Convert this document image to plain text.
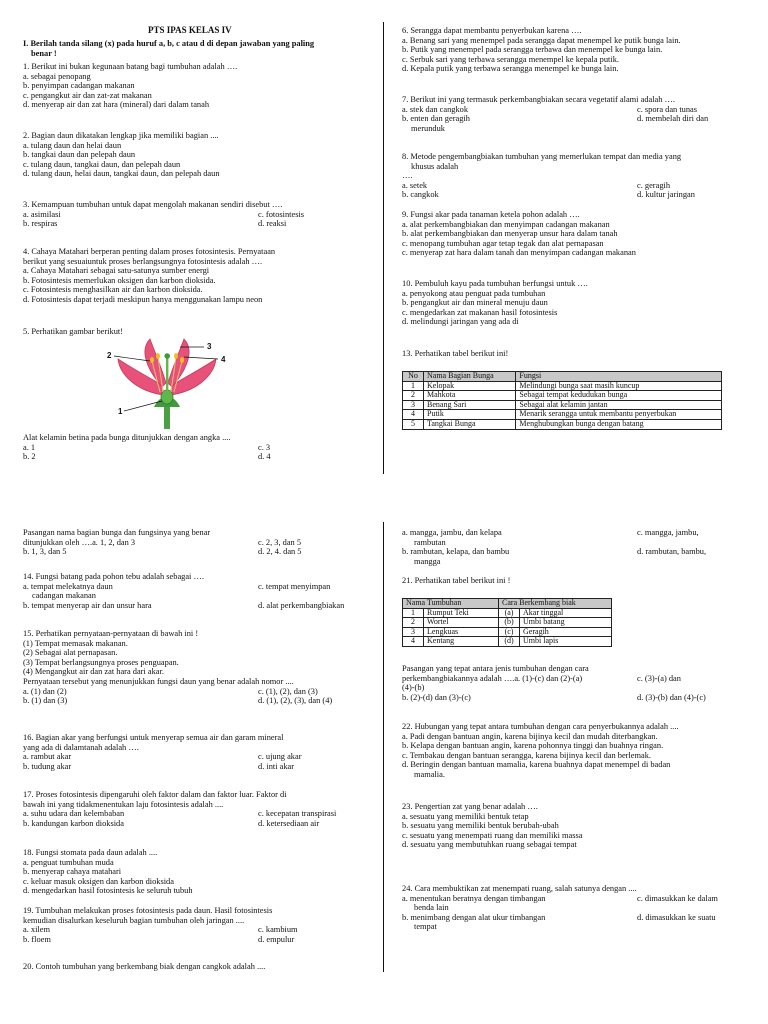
PTS IPAS KELAS IV
I. Berilah tanda silang (x) pada huruf a, b, c atau d di depan jawaban yang paling
benar !
1. Berikut ini bukan kegunaan batang bagi tumbuhan adalah ….
a. sebagai penopang
b. penyimpan cadangan makanan
c. pengangkut air dan zat-zat makanan
d. menyerap air dan zat hara (mineral) dari dalam tanah
2. Bagian daun dikatakan lengkap jika memiliki bagian ....
a. tulang daun dan helai daun
b. tangkai daun dan pelepah daun
c. tulang daun, tangkai daun, dan pelepah daun
d. tulang daun, helai daun, tangkai daun, dan pelepah daun
3. Kemampuan tumbuhan untuk dapat mengolah makanan sendiri disebut ….
a. asimilasi	c. fotosintesis
b. respiras	d. reaksi
4. Cahaya Matahari berperan penting dalam proses fotosintesis. Pernyataan
berikut yang sesuaiuntuk proses berlangsungnya fotosintesis adalah ….
a. Cahaya Matahari sebagai satu-satunya sumber energi
b. Fotosintesis memerlukan oksigen dan karbon dioksida.
c. Fotosintesis menghasilkan air dan karbon dioksida.
d. Fotosintesis dapat terjadi meskipun hanya menggunakan lampu neon
5. Perhatikan gambar berikut!
2
3
4
1
Alat kelamin betina pada bunga ditunjukkan dengan angka ....
a. 1	c. 3
b. 2	d. 4
6. Serangga dapat membantu penyerbukan karena ….
a. Benang sari yang menempel pada serangga dapat menempel ke putik bunga lain.
b. Putik yang menempel pada serangga terbawa dan menempel ke bunga lain.
c. Serbuk sari yang terbawa serangga menempel ke kepala putik.
d. Kepala putik yang terbawa serangga menempel ke bunga lain.
7. Berikut ini yang termasuk perkembangbiakan secara vegetatif alami adalah ….
a. stek dan cangkok	c. spora dan tunas
b. enten dan geragih	d. membelah diri dan
merunduk
8. Metode pengembangbiakan tumbuhan yang memerlukan tempat dan media yang
khusus adalah
….
a. setek	c. geragih
b. cangkok	d. kultur jaringan
9. Fungsi akar pada tanaman ketela pohon adalah ….
a. alat perkembangbiakan dan menyimpan cadangan makanan
b. alat perkembangbiakan dan menyerap unsur hara dalam tanah
c. menopang tumbuhan agar tetap tegak dan alat pernapasan
c. menyerap zat hara dalam tanah dan menyimpan cadangan makanan
10. Pembuluh kayu pada tumbuhan berfungsi untuk ….
a. penyokong atau penguat pada tumbuhan
b. pengangkut air dan mineral menuju daun
c. mengedarkan zat makanan hasil fotosintesis
d. melindungi jaringan yang ada di
13. Perhatikan tabel berikut ini!
No	Nama Bagian Bunga	Fungsi
1	Kelopak	Melindungi bunga saat masih kuncup
2	Mahkota	Sebagai tempat kedudukan bunga
3	Benang Sari	Sebagai alat kelamin jantan
4	Putik	Menarik serangga untuk membantu penyerbukan
5	Tangkai Bunga	Menghubungkan bunga dengan batang
Pasangan nama bagian bunga dan fungsinya yang benar
ditunjukkan oleh ….a. 1, 2, dan 3	c. 2, 3, dan 5
b. 1, 3, dan 5	d. 2, 4. dan 5
14. Fungsi batang pada pohon tebu adalah sebagai ….
a. tempat melekatnya daun	c. tempat menyimpan
cadangan makanan
b. tempat menyerap air dan unsur hara	d. alat perkembangbiakan
15. Perhatikan pernyataan-pernyataan di bawah ini !
(1) Tempat memasak makanan.
(2) Sebagai alat pernapasan.
(3) Tempat berlangsungnya proses penguapan.
(4) Mengangkut air dan zat hara dari akar.
Pernyataan tersebut yang menunjukkan fungsi daun yang benar adalah nomor ....
a. (1) dan (2)	c. (1), (2), dan (3)
b. (1) dan (3)	d. (1), (2), (3), dan (4)
16. Bagian akar yang berfungsi untuk menyerap semua air dan garam mineral
yang ada di dalamtanah adalah ….
a. rambut akar	c. ujung akar
b. tudung akar	d. inti akar
17. Proses fotosintesis dipengaruhi oleh faktor dalam dan faktor luar. Faktor di
bawah ini yang tidakmenentukan laju fotosintesis adalah ....
a. suhu udara dan kelembaban	c. kecepatan transpirasi
b. kandungan karbon dioksida	d. ketersediaan air
18. Fungsi stomata pada daun adalah ....
a. penguat tumbuhan muda
b. menyerap cahaya matahari
c. keluar masuk oksigen dan karbon dioksida
d. mengedarkan hasil fotosintesis ke seluruh tubuh
19. Tumbuhan melakukan proses fotosintesis pada daun. Hasil fotosintesis
kemudian disalurkan keseluruh bagian tumbuhan oleh jaringan ....
a. xilem	c. kambium
b. floem	d. empulur
20. Contoh tumbuhan yang berkembang biak dengan cangkok adalah ....
a. mangga, jambu, dan kelapa	c. mangga, jambu,
rambutan
b. rambutan, kelapa, dan bambu	d. rambutan, bambu,
mangga
21. Perhatikan tabel berikut ini !
Nama Tumbuhan		Cara Berkembang biak	
1	Rumput Teki	(a)	Akar tinggal
2	Wortel	(b)	Umbi batang
3	Lengkuas	(c)	Geragih
4	Kentang	(d)	Umbi lapis
Pasangan yang tepat antara jenis tumbuhan dengan cara
perkembangbiakannya adalah ….a. (1)-(c) dan (2)-(a)	c. (3)-(a) dan
(4)-(b)
b. (2)-(d) dan (3)-(c)	d. (3)-(b) dan (4)-(c)
22. Hubungan yang tepat antara tumbuhan dengan cara penyerbukannya adalah ....
a. Padi dengan bantuan angin, karena bijinya kecil dan mudah diterbangkan.
b. Kelapa dengan bantuan angin, karena pohonnya tinggi dan buahnya ringan.
c. Tembakau dengan bantuan serangga, karena bijinya kecil dan berlemak.
d. Beringin dengan bantuan mamalia, karena buahnya dapat menempel di badan
mamalia.
23. Pengertian zat yang benar adalah ….
a. sesuatu yang memiliki bentuk tetap
b. sesuatu yang memiliki bentuk berubah-ubah
c. sesuatu yang menempati ruang dan memiliki massa
d. sesuatu yang membutuhkan ruang sebagai tempat
24. Cara membuktikan zat menempati ruang, salah satunya dengan ....
a. menentukan beratnya dengan timbangan	c. dimasukkan ke dalam
benda lain
b. menimbang dengan alat ukur timbangan	d. dimasukkan ke suatu
tempat
